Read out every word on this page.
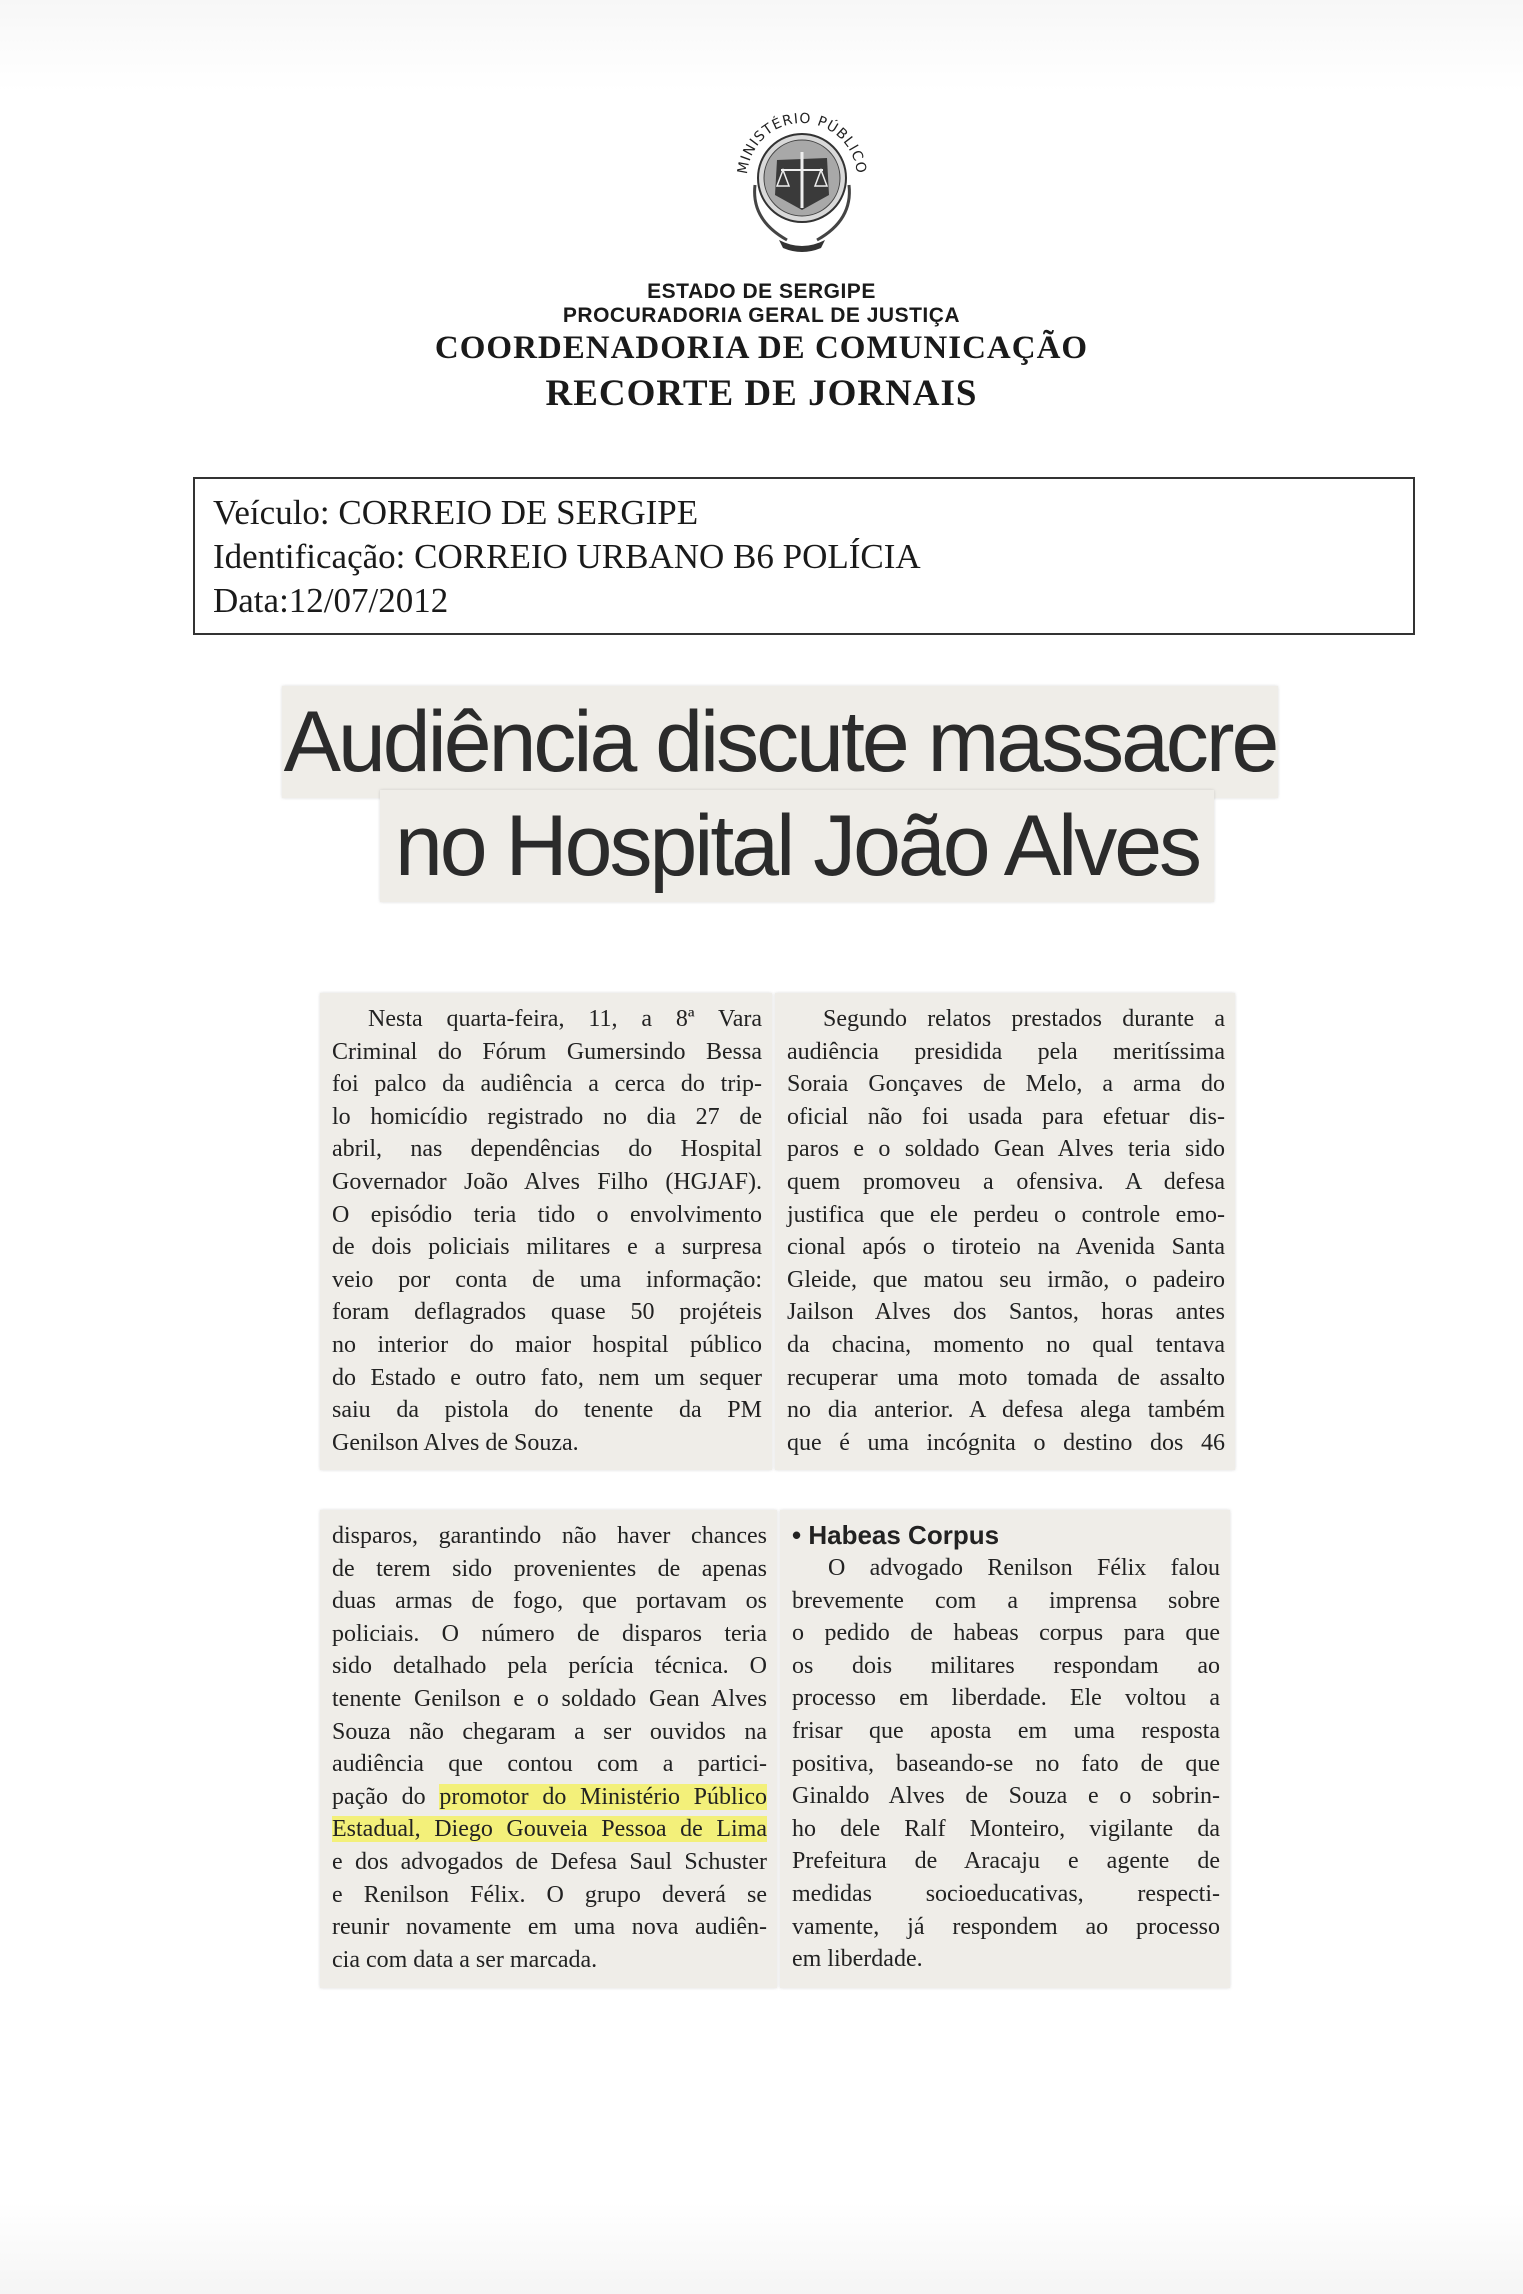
MINISTÉRIO PÚBLICO
ESTADO DE SERGIPE
PROCURADORIA GERAL DE JUSTIÇA
COORDENADORIA DE COMUNICAÇÃO
RECORTE DE JORNAIS
Veículo: CORREIO DE SERGIPE
Identificação: CORREIO URBANO B6 POLÍCIA
Data:12/07/2012
Audiência discute massacre
no Hospital João Alves
Nesta quarta-feira, 11, a 8ª Vara
Criminal do Fórum Gumersindo Bessa
foi palco da audiência a cerca do trip-
lo homicídio registrado no dia 27 de
abril, nas dependências do Hospital
Governador João Alves Filho (HGJAF).
O episódio teria tido o envolvimento
de dois policiais militares e a surpresa
veio por conta de uma informação:
foram deflagrados quase 50 projéteis
no interior do maior hospital público
do Estado e outro fato, nem um sequer
saiu da pistola do tenente da PM
Genilson Alves de Souza.
Segundo relatos prestados durante a
audiência presidida pela meritíssima
Soraia Gonçaves de Melo, a arma do
oficial não foi usada para efetuar dis-
paros e o soldado Gean Alves teria sido
quem promoveu a ofensiva. A defesa
justifica que ele perdeu o controle emo-
cional após o tiroteio na Avenida Santa
Gleide, que matou seu irmão, o padeiro
Jailson Alves dos Santos, horas antes
da chacina, momento no qual tentava
recuperar uma moto tomada de assalto
no dia anterior. A defesa alega também
que é uma incógnita o destino dos 46
disparos, garantindo não haver chances
de terem sido provenientes de apenas
duas armas de fogo, que portavam os
policiais. O número de disparos teria
sido detalhado pela perícia técnica. O
tenente Genilson e o soldado Gean Alves
Souza não chegaram a ser ouvidos na
audiência que contou com a partici-
pação do promotor do Ministério Público
Estadual, Diego Gouveia Pessoa de Lima
e dos advogados de Defesa Saul Schuster
e Renilson Félix. O grupo deverá se
reunir novamente em uma nova audiên-
cia com data a ser marcada.
• Habeas Corpus
O advogado Renilson Félix falou
brevemente com a imprensa sobre
o pedido de habeas corpus para que
os dois militares respondam ao
processo em liberdade. Ele voltou a
frisar que aposta em uma resposta
positiva, baseando-se no fato de que
Ginaldo Alves de Souza e o sobrin-
ho dele Ralf Monteiro, vigilante da
Prefeitura de Aracaju e agente de
medidas socioeducativas, respecti-
vamente, já respondem ao processo
em liberdade.
